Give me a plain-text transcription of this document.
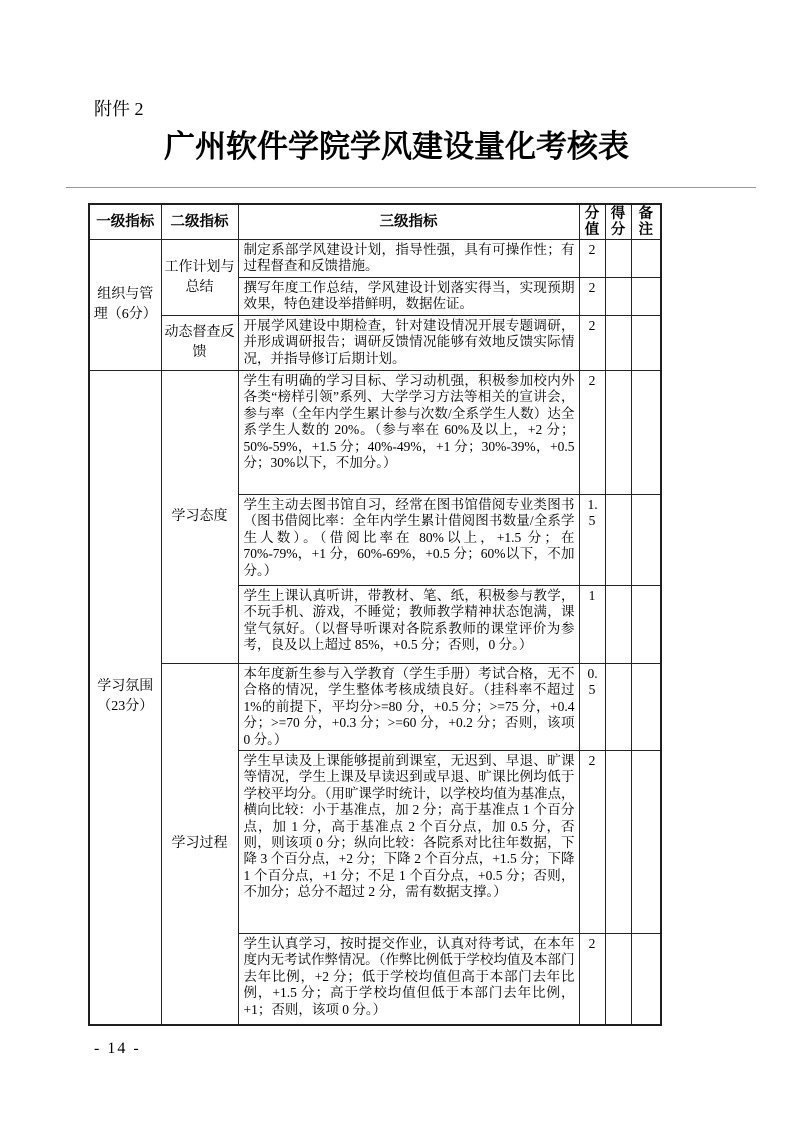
附件 2
广州软件学院学风建设量化考核表
一级指标	二级指标	三级指标	分值	得分	备注
组织与管理（6分）	工作计划与总结	制定系部学风建设计划，指导性强，具有可操作性；有过程督查和反馈措施。	2		
		撰写年度工作总结，学风建设计划落实得当，实现预期效果，特色建设举措鲜明，数据佐证。	2		
	动态督查反馈	开展学风建设中期检查，针对建设情况开展专题调研，并形成调研报告；调研反馈情况能够有效地反馈实际情况，并指导修订后期计划。	2		
学习氛围（23分）	学习态度	学生有明确的学习目标、学习动机强，积极参加校内外各类“榜样引领”系列、大学学习方法等相关的宣讲会，参与率（全年内学生累计参与次数/全系学生人数）达全系学生人数的 20%。（参与率在 60%及以上，+2 分；50%-59%，+1.5 分；40%-49%，+1 分；30%-39%，+0.5 分；30%以下，不加分。）	2		
		学生主动去图书馆自习，经常在图书馆借阅专业类图书（图书借阅比率：全年内学生累计借阅图书数量/全系学生人数）。（借阅比率在 80%以上，+1.5 分；在 70%-79%，+1 分，60%-69%，+0.5 分；60%以下，不加分。）	1.5		
		学生上课认真听讲，带教材、笔、纸，积极参与教学，不玩手机、游戏，不睡觉；教师教学精神状态饱满，课堂气氛好。（以督导听课对各院系教师的课堂评价为参考，良及以上超过 85%，+0.5 分；否则，0 分。）	1		
	学习过程	本年度新生参与入学教育（学生手册）考试合格，无不合格的情况，学生整体考核成绩良好。（挂科率不超过 1%的前提下，平均分>=80 分，+0.5 分；>=75 分，+0.4 分；>=70 分，+0.3 分；>=60 分，+0.2 分；否则，该项 0 分。）	0.5		
		学生早读及上课能够提前到课室，无迟到、早退、旷课等情况，学生上课及早读迟到或早退、旷课比例均低于学校平均分。（用旷课学时统计，以学校均值为基准点，横向比较：小于基准点，加 2 分；高于基准点 1 个百分点，加 1 分，高于基准点 2 个百分点，加 0.5 分，否则，则该项 0 分；纵向比较：各院系对比往年数据，下降 3 个百分点，+2 分；下降 2 个百分点，+1.5 分；下降 1 个百分点，+1 分；不足 1 个百分点，+0.5 分；否则，不加分；总分不超过 2 分，需有数据支撑。）	2		
		学生认真学习，按时提交作业，认真对待考试，在本年度内无考试作弊情况。（作弊比例低于学校均值及本部门去年比例，+2 分；低于学校均值但高于本部门去年比例，+1.5 分；高于学校均值但低于本部门去年比例，+1；否则，该项 0 分。）	2		
- 14 -
